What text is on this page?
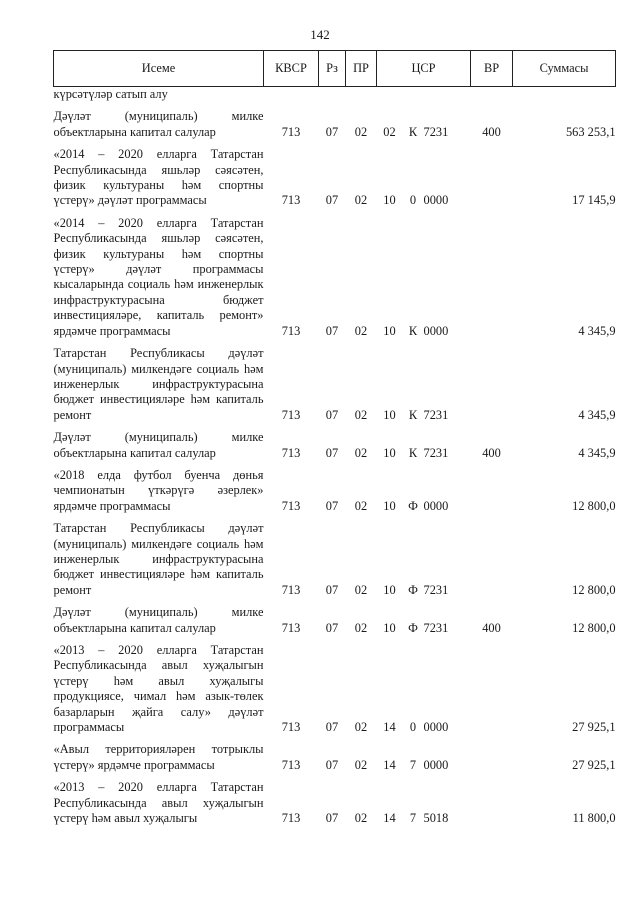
142
Исеме	КВСР	Рз	ПР	ЦСР			ВР	Суммасы
күрсәтүләр сатып алу								
Дәүләт (муниципаль) милке объектларына капитал салулар	713	07	02	02	К	7231	400	563 253,1
«2014 – 2020 елларга Татарстан Республикасында яшьләр сәясәтен, физик культураны һәм спортны үстерү» дәүләт программасы	713	07	02	10	0	0000		17 145,9
«2014 – 2020 елларга Татарстан Республикасында яшьләр сәясәтен, физик культураны һәм спортны үстерү» дәүләт программасы кысаларында социаль һәм инженерлык инфраструктурасына бюджет инвестицияләре, капиталь ремонт» ярдәмче программасы	713	07	02	10	К	0000		4 345,9
Татарстан Республикасы дәүләт (муниципаль) милкендәге социаль һәм инженерлык инфраструктурасына бюджет инвестицияләре һәм капиталь ремонт	713	07	02	10	К	7231		4 345,9
Дәүләт (муниципаль) милке объектларына капитал салулар	713	07	02	10	К	7231	400	4 345,9
«2018 елда футбол буенча дөнья чемпионатын үткәрүгә әзерлек» ярдәмче программасы	713	07	02	10	Ф	0000		12 800,0
Татарстан Республикасы дәүләт (муниципаль) милкендәге социаль һәм инженерлык инфраструктурасына бюджет инвестицияләре һәм капиталь ремонт	713	07	02	10	Ф	7231		12 800,0
Дәүләт (муниципаль) милке объектларына капитал салулар	713	07	02	10	Ф	7231	400	12 800,0
«2013 – 2020 елларга Татарстан Республикасында авыл хуҗалыгын үстерү һәм авыл хуҗалыгы продукциясе, чимал һәм азык-төлек базарларын җайга салу» дәүләт программасы	713	07	02	14	0	0000		27 925,1
«Авыл территорияләрен тотрыклы үстерү» ярдәмче программасы	713	07	02	14	7	0000		27 925,1
«2013 – 2020 елларга Татарстан Республикасында авыл хуҗалыгын үстерү һәм авыл хуҗалыгы	713	07	02	14	7	5018		11 800,0
